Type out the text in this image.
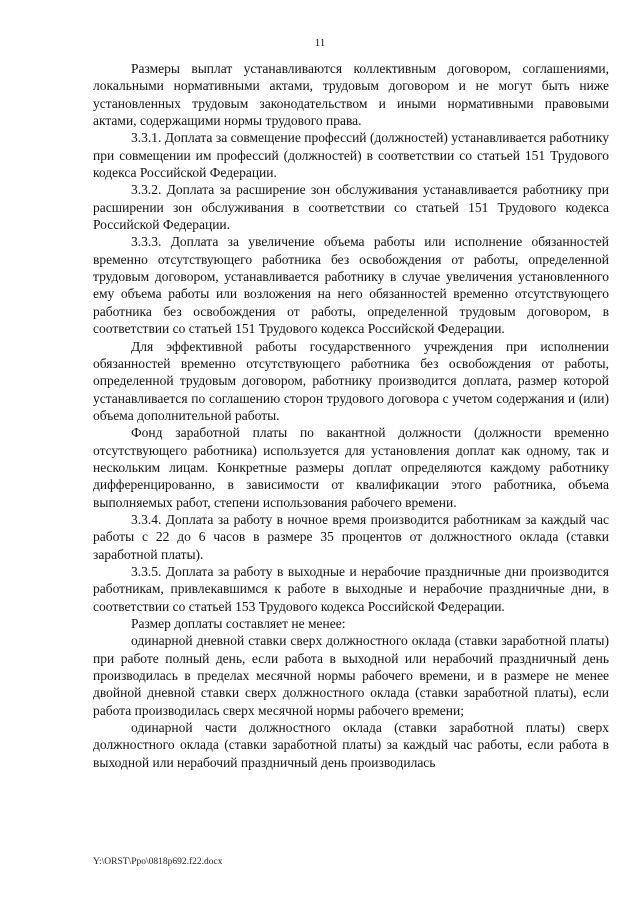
11

Размеры выплат устанавливаются коллективным договором, соглашениями, локальными нормативными актами, трудовым договором и не могут быть ниже установленных трудовым законодательством и иными нормативными правовыми актами, содержащими нормы трудового права.

3.3.1. Доплата за совмещение профессий (должностей) устанавливается работнику при совмещении им профессий (должностей) в соответствии со статьей 151 Трудового кодекса Российской Федерации.

3.3.2. Доплата за расширение зон обслуживания устанавливается работнику при расширении зон обслуживания в соответствии со статьей 151 Трудового кодекса Российской Федерации.

3.3.3. Доплата за увеличение объема работы или исполнение обязанностей временно отсутствующего работника без освобождения от работы, определенной трудовым договором, устанавливается работнику в случае увеличения установленного ему объема работы или возложения на него обязанностей временно отсутствующего работника без освобождения от работы, определенной трудовым договором, в соответствии со статьей 151 Трудового кодекса Российской Федерации.

Для эффективной работы государственного учреждения при исполнении обязанностей временно отсутствующего работника без освобождения от работы, определенной трудовым договором, работнику производится доплата, размер которой устанавливается по соглашению сторон трудового договора с учетом содержания и (или) объема дополнительной работы.

Фонд заработной платы по вакантной должности (должности временно отсутствующего работника) используется для установления доплат как одному, так и нескольким лицам. Конкретные размеры доплат определяются каждому работнику дифференцированно, в зависимости от квалификации этого работника, объема выполняемых работ, степени использования рабочего времени.

3.3.4. Доплата за работу в ночное время производится работникам за каждый час работы с 22 до 6 часов в размере 35 процентов от должностного оклада (ставки заработной платы).

3.3.5. Доплата за работу в выходные и нерабочие праздничные дни производится работникам, привлекавшимся к работе в выходные и нерабочие праздничные дни, в соответствии со статьей 153 Трудового кодекса Российской Федерации.

Размер доплаты составляет не менее:

одинарной дневной ставки сверх должностного оклада (ставки заработной платы) при работе полный день, если работа в выходной или нерабочий праздничный день производилась в пределах месячной нормы рабочего времени, и в размере не менее двойной дневной ставки сверх должностного оклада (ставки заработной платы), если работа производилась сверх месячной нормы рабочего времени;

одинарной части должностного оклада (ставки заработной платы) сверх должностного оклада (ставки заработной платы) за каждый час работы, если работа в выходной или нерабочий праздничный день производилась

Y:\ORST\Ppo\0818p692.f22.docx
